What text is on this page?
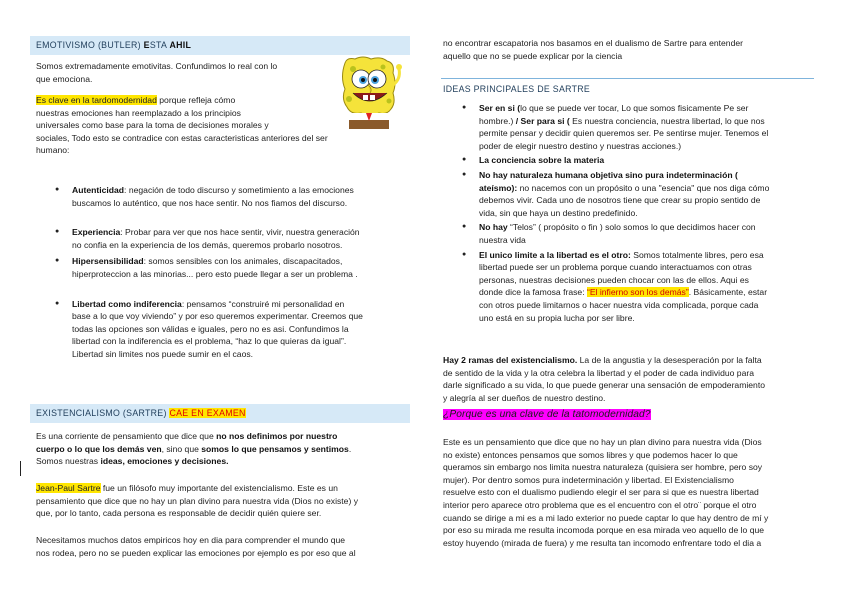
EMOTIVISMO (BUTLER) ESTA AHIL

Somos extremadamente emotivitas. Confundimos lo real con lo

que emociona.

Es clave en la tardomodernidad porque refleja cómo

nuestras emociones han reemplazado a los principios

universales como base para la toma de decisiones morales y

sociales, Todo esto se contradice con estas caracteristicas anteriores del ser

humano:

● Autenticidad: negación de todo discurso y sometimiento a las emociones

buscamos lo auténtico, que nos hace sentir. No nos fiamos del discurso.

● Experiencia: Probar para ver que nos hace sentir, vivir, nuestra generación

no confia en la experiencia de los demás, queremos probarlo nosotros.

● Hipersensibilidad: somos sensibles con los animales, discapacitados,

hiperproteccion a las minorias... pero esto puede llegar a ser un problema .

● Libertad como indiferencia: pensamos “construiré mi personalidad en

base a lo que voy viviendo” y por eso queremos experimentar. Creemos que

todas las opciones son válidas e iguales, pero no es asi. Confundimos la

libertad con la indiferencia es el problema, “haz lo que quieras da igual”.

Libertad sin limites nos puede sumir en el caos.

EXISTENCIALISMO (SARTRE) CAE EN EXAMEN

Es una corriente de pensamiento que dice que no nos definimos por nuestro

cuerpo o lo que los demás ven, sino que somos lo que pensamos y sentimos.

Somos nuestras ideas, emociones y decisiones.

Jean-Paul Sartre fue un filósofo muy importante del existencialismo. Este es un

pensamiento que dice que no hay un plan divino para nuestra vida (Dios no existe) y

que, por lo tanto, cada persona es responsable de decidir quién quiere ser.

Necesitamos muchos datos empiricos hoy en dia para comprender el mundo que

nos rodea, pero no se pueden explicar las emociones por ejemplo es por eso que al

no encontrar escapatoria nos basamos en el dualismo de Sartre para entender

aquello que no se puede explicar por la ciencia

IDEAS PRINCIPALES DE SARTRE

● Ser en si (lo que se puede ver tocar, Lo que somos fisicamente Pe ser

hombre.) / Ser para si ( Es nuestra conciencia, nuestra libertad, lo que nos

permite pensar y decidir quien queremos ser. Pe sentirse mujer. Tenemos el

poder de elegir nuestro destino y nuestras acciones.)

● La conciencia sobre la materia

● No hay naturaleza humana objetiva sino pura indeterminación (

ateísmo): no nacemos con un propósito o una "esencia" que nos diga cómo

debemos vivir. Cada uno de nosotros tiene que crear su propio sentido de

vida, sin que haya un destino predefinido.

● No hay “Telos” ( propósito o fin ) solo somos lo que decidimos hacer con

nuestra vida

● El unico limite a la libertad es el otro: Somos totalmente libres, pero esa

libertad puede ser un problema porque cuando interactuamos con otras

personas, nuestras decisiones pueden chocar con las de ellos. Aqui es

donde dice la famosa frase: “El infierno son los demás”. Básicamente, estar

con otros puede limitarnos o hacer nuestra vida complicada, porque cada

uno está en su propia lucha por ser libre.

Hay 2 ramas del existencialismo. La de la angustia y la desesperación por la falta

de sentido de la vida y la otra celebra la libertad y el poder de cada individuo para

darle significado a su vida, lo que puede generar una sensación de empoderamiento

y alegría al ser dueños de nuestro destino.

¿Porque es una clave de la tatomodernidad?

Este es un pensamiento que dice que no hay un plan divino para nuestra vida (Dios

no existe) entonces pensamos que somos libres y que podemos hacer lo que

queramos sin embargo nos limita nuestra naturaleza (quisiera ser hombre, pero soy

mujer). Por dentro somos pura indeterminación y libertad. El Existencialismo

resuelve esto con el dualismo pudiendo elegir el ser para si que es nuestra libertad

interior pero aparece otro problema que es el encuentro con el otro¨ porque el otro

cuando se dirige a mi es a mi lado exterior no puede captar lo que hay dentro de mí y

por eso su mirada me resulta incomoda porque en esa mirada veo aquello de lo que

estoy huyendo (mirada de fuera) y me resulta tan incomodo enfrentare todo el dia a
